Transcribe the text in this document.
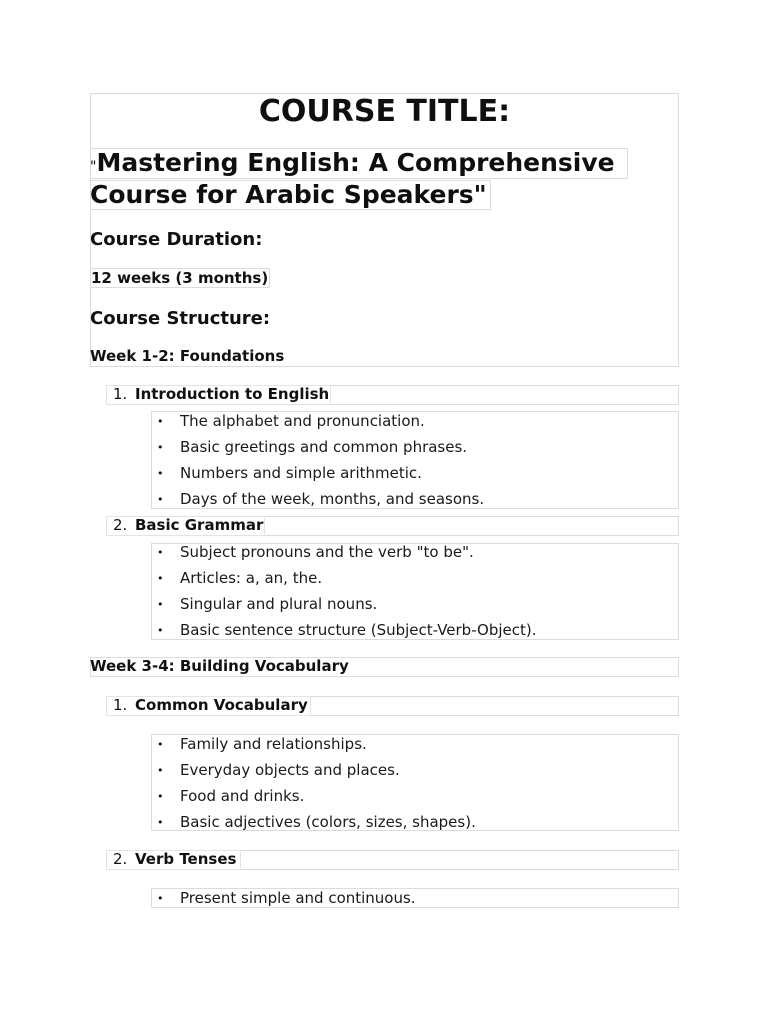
COURSE TITLE:
"Mastering English: A Comprehensive
Course for Arabic Speakers"
Course Duration:
12 weeks (3 months)
Course Structure:
Week 1-2: Foundations
1. Introduction to English
• The alphabet and pronunciation.
• Basic greetings and common phrases.
• Numbers and simple arithmetic.
• Days of the week, months, and seasons.
2. Basic Grammar
• Subject pronouns and the verb "to be".
• Articles: a, an, the.
• Singular and plural nouns.
• Basic sentence structure (Subject-Verb-Object).
Week 3-4: Building Vocabulary
1. Common Vocabulary
• Family and relationships.
• Everyday objects and places.
• Food and drinks.
• Basic adjectives (colors, sizes, shapes).
2. Verb Tenses
• Present simple and continuous.
